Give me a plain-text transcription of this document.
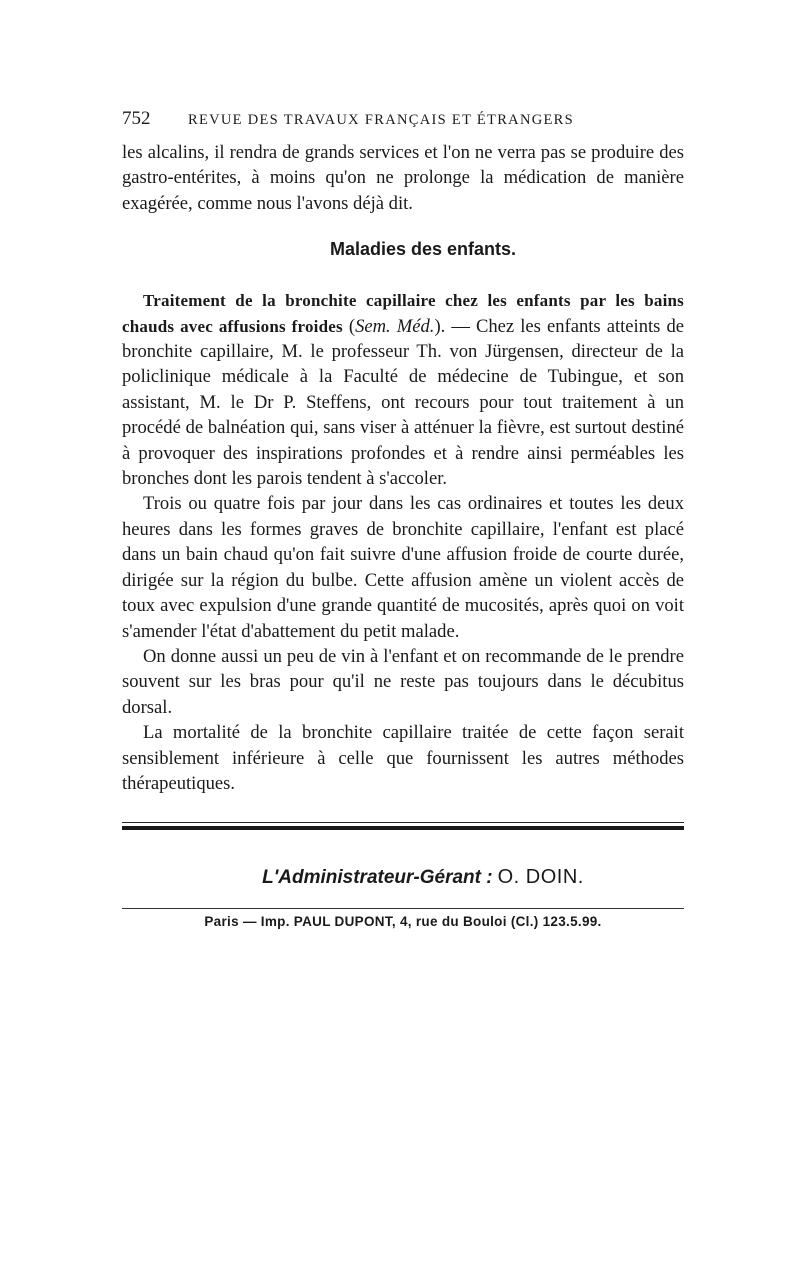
752	REVUE DES TRAVAUX FRANÇAIS ET ÉTRANGERS

les alcalins, il rendra de grands services et l'on ne verra pas se produire des gastro-entérites, à moins qu'on ne prolonge la médication de manière exagérée, comme nous l'avons déjà dit.

Maladies des enfants.

Traitement de la bronchite capillaire chez les enfants par les bains chauds avec affusions froides (Sem. Méd.). — Chez les enfants atteints de bronchite capillaire, M. le professeur Th. von Jürgensen, directeur de la policlinique médicale à la Faculté de médecine de Tubingue, et son assistant, M. le Dr P. Steffens, ont recours pour tout traitement à un procédé de balnéation qui, sans viser à atténuer la fièvre, est surtout destiné à provoquer des inspirations profondes et à rendre ainsi perméables les bronches dont les parois tendent à s'accoler.

Trois ou quatre fois par jour dans les cas ordinaires et toutes les deux heures dans les formes graves de bronchite capillaire, l'enfant est placé dans un bain chaud qu'on fait suivre d'une affusion froide de courte durée, dirigée sur la région du bulbe. Cette affusion amène un violent accès de toux avec expulsion d'une grande quantité de mucosités, après quoi on voit s'amender l'état d'abattement du petit malade.

On donne aussi un peu de vin à l'enfant et on recommande de le prendre souvent sur les bras pour qu'il ne reste pas toujours dans le décubitus dorsal.

La mortalité de la bronchite capillaire traitée de cette façon serait sensiblement inférieure à celle que fournissent les autres méthodes thérapeutiques.

L'Administrateur-Gérant : O. DOIN.
Paris — Imp. PAUL DUPONT, 4, rue du Bouloi (Cl.) 123.5.99.
